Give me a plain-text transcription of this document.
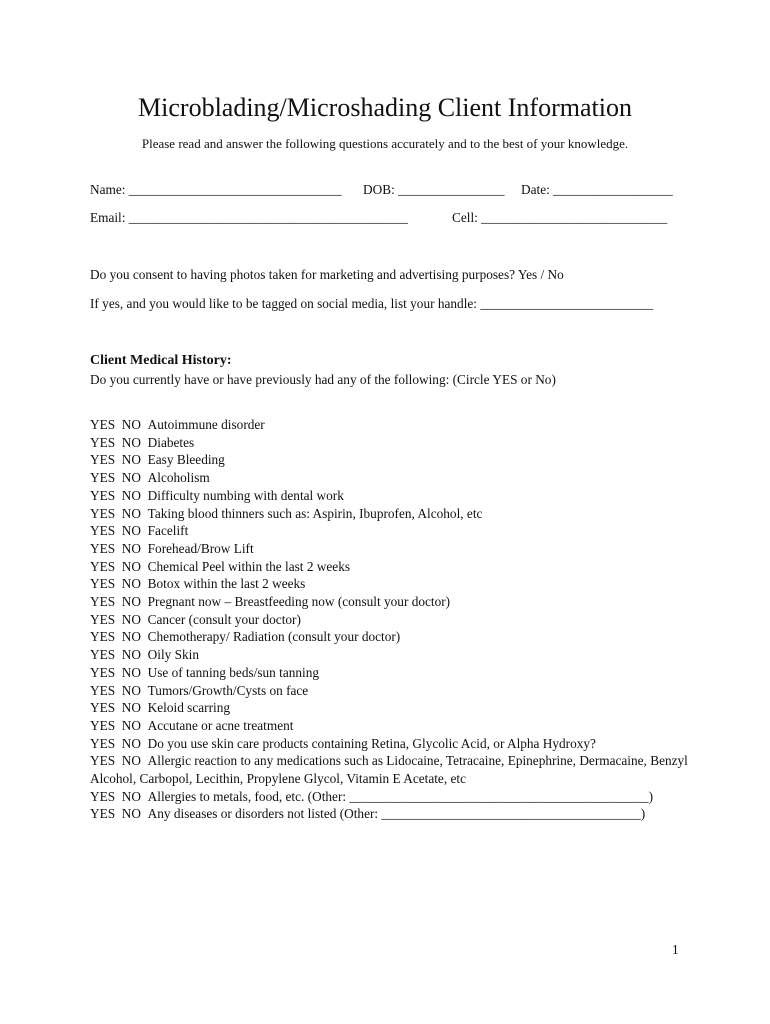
Microblading/Microshading Client Information
Please read and answer the following questions accurately and to the best of your knowledge.
Name: ________________________________ DOB: ________________ Date: __________________
Email: __________________________________________	Cell: ____________________________
Do you consent to having photos taken for marketing and advertising purposes? Yes / No
If yes, and you would like to be tagged on social media, list your handle: __________________________
Client Medical History:
Do you currently have or have previously had any of the following: (Circle YES or No)
YES NO Autoimmune disorder
YES NO Diabetes
YES NO Easy Bleeding
YES NO Alcoholism
YES NO Difficulty numbing with dental work
YES NO Taking blood thinners such as: Aspirin, Ibuprofen, Alcohol, etc
YES NO Facelift
YES NO Forehead/Brow Lift
YES NO Chemical Peel within the last 2 weeks
YES NO Botox within the last 2 weeks
YES NO Pregnant now – Breastfeeding now (consult your doctor)
YES NO Cancer (consult your doctor)
YES NO Chemotherapy/ Radiation (consult your doctor)
YES NO Oily Skin
YES NO Use of tanning beds/sun tanning
YES NO Tumors/Growth/Cysts on face
YES NO Keloid scarring
YES NO Accutane or acne treatment
YES NO Do you use skin care products containing Retina, Glycolic Acid, or Alpha Hydroxy?
YES NO Allergic reaction to any medications such as Lidocaine, Tetracaine, Epinephrine, Dermacaine, Benzyl Alcohol, Carbopol, Lecithin, Propylene Glycol, Vitamin E Acetate, etc
YES NO Allergies to metals, food, etc. (Other: _____________________________________________)
YES NO Any diseases or disorders not listed (Other: _______________________________________)
1
